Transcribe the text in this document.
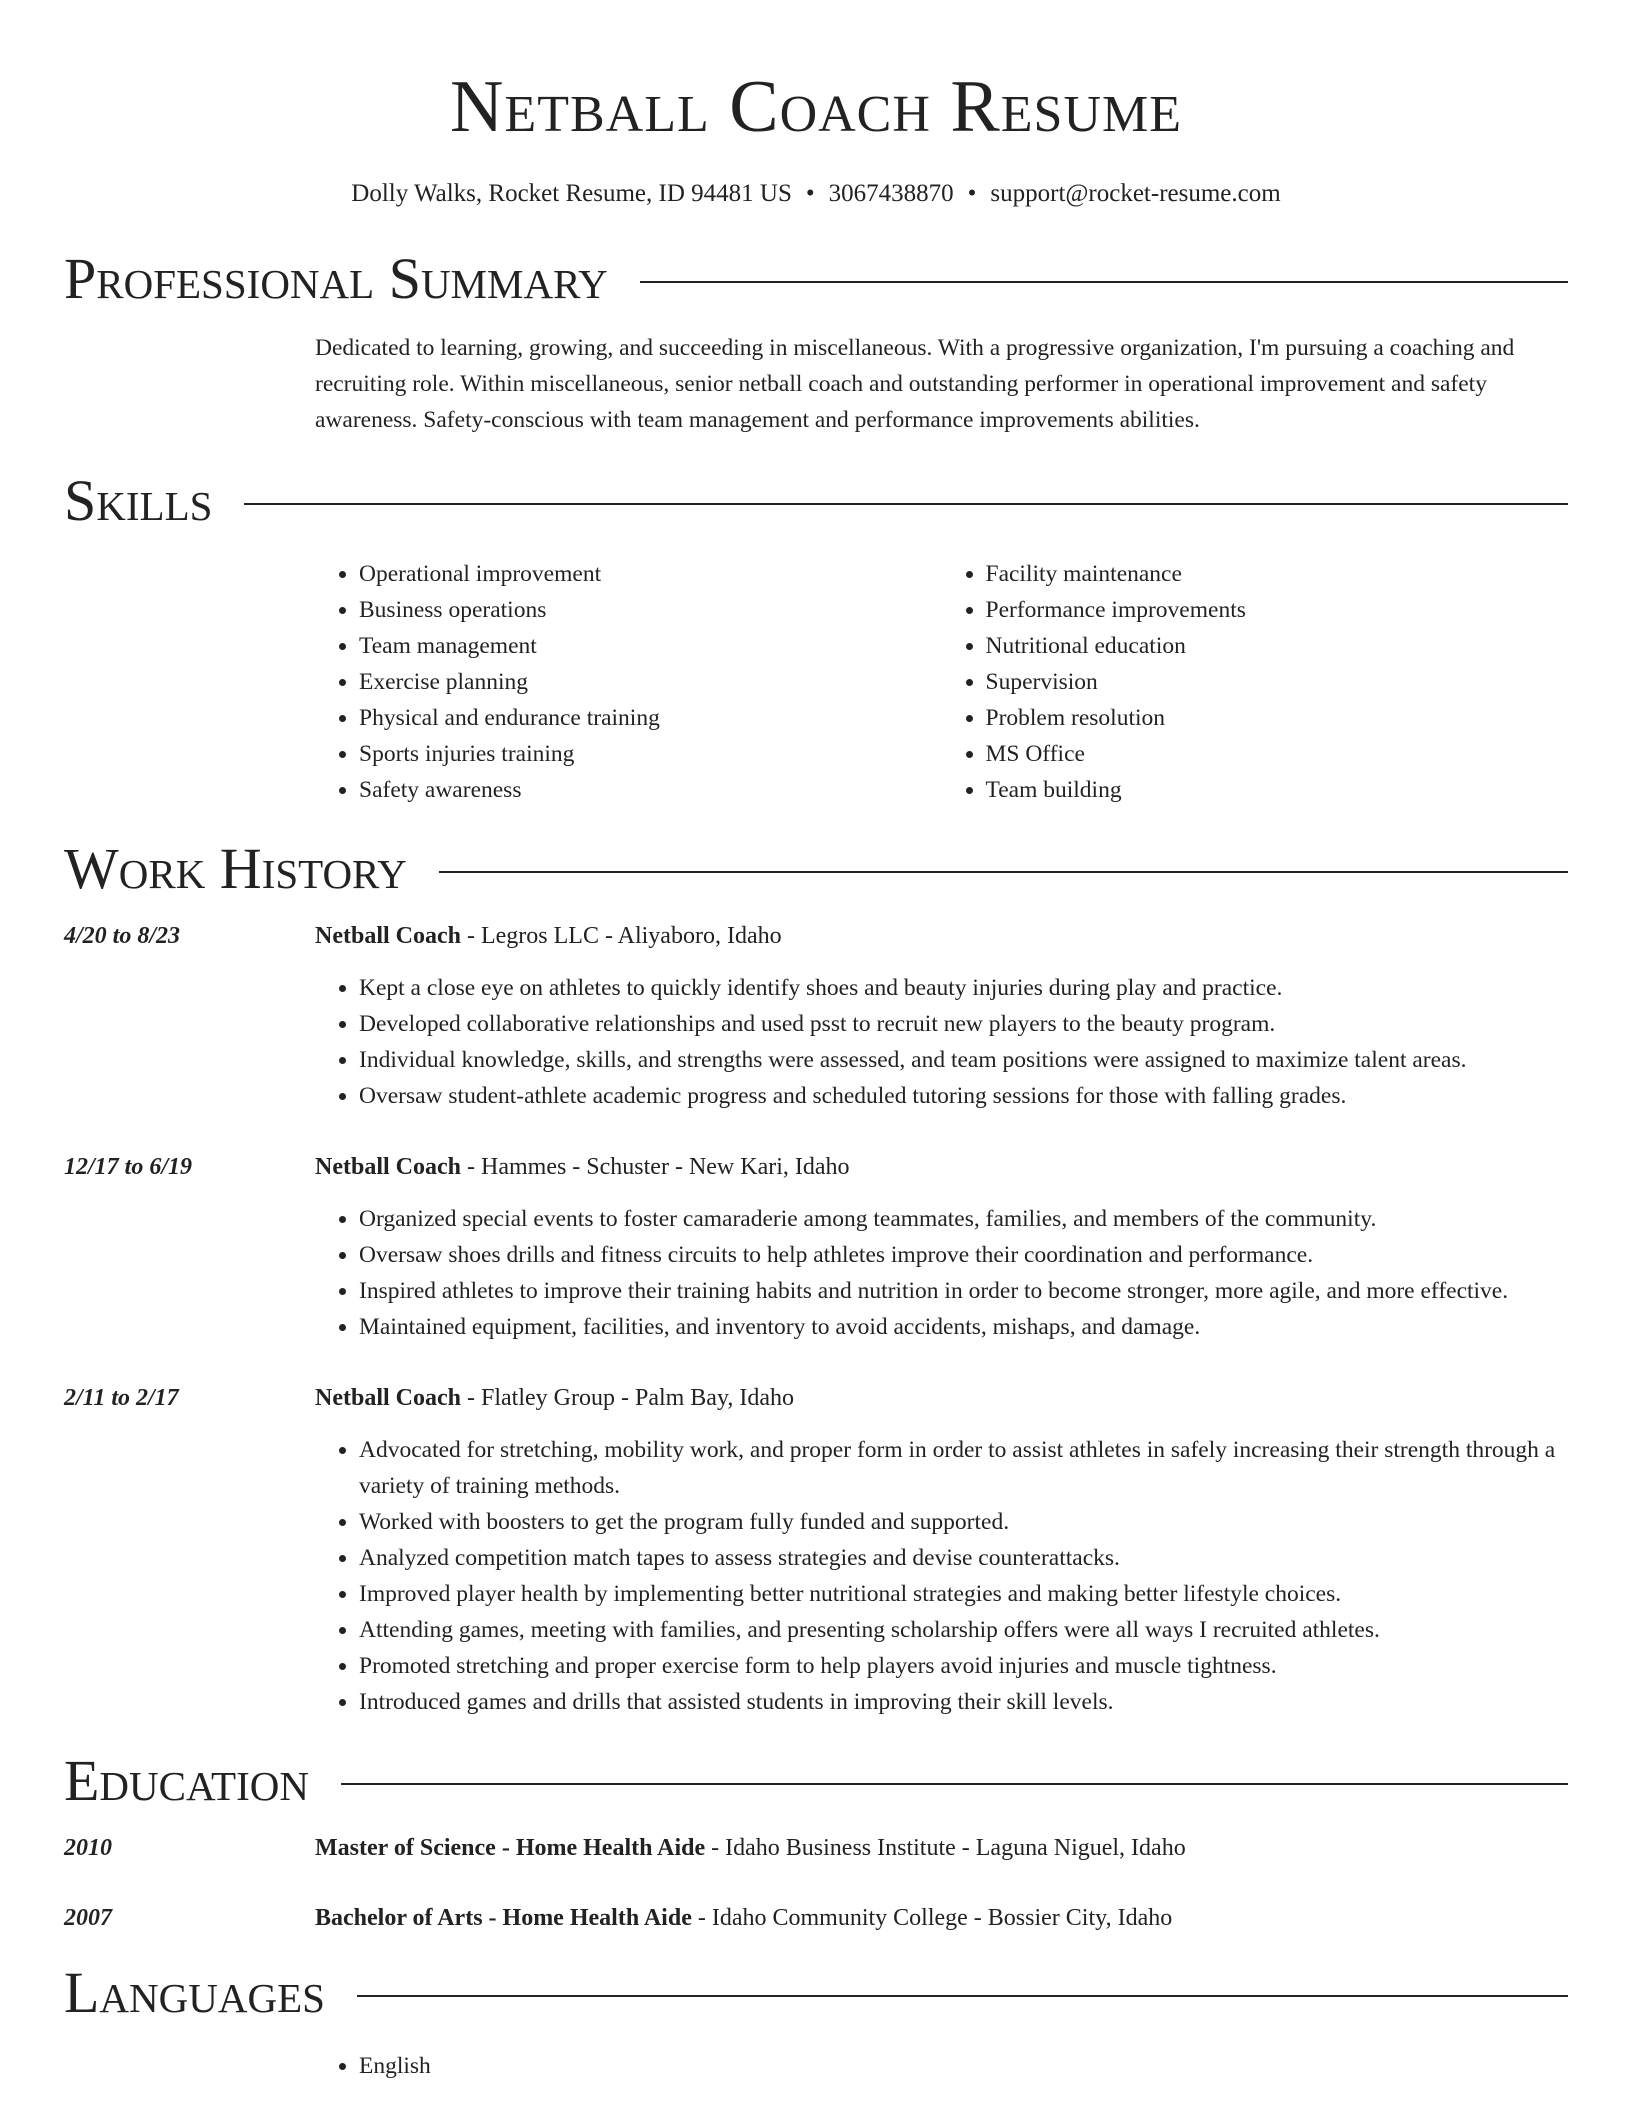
Netball Coach Resume
Dolly Walks, Rocket Resume, ID 94481 US • 3067438870 • support@rocket-resume.com
Professional Summary
Dedicated to learning, growing, and succeeding in miscellaneous. With a progressive organization, I'm pursuing a coaching and recruiting role. Within miscellaneous, senior netball coach and outstanding performer in operational improvement and safety awareness. Safety-conscious with team management and performance improvements abilities.
Skills
• Operational improvement
• Business operations
• Team management
• Exercise planning
• Physical and endurance training
• Sports injuries training
• Safety awareness
• Facility maintenance
• Performance improvements
• Nutritional education
• Supervision
• Problem resolution
• MS Office
• Team building
Work History
4/20 to 8/23	Netball Coach - Legros LLC - Aliyaboro, Idaho
• Kept a close eye on athletes to quickly identify shoes and beauty injuries during play and practice.
• Developed collaborative relationships and used psst to recruit new players to the beauty program.
• Individual knowledge, skills, and strengths were assessed, and team positions were assigned to maximize talent areas.
• Oversaw student-athlete academic progress and scheduled tutoring sessions for those with falling grades.
12/17 to 6/19	Netball Coach - Hammes - Schuster - New Kari, Idaho
• Organized special events to foster camaraderie among teammates, families, and members of the community.
• Oversaw shoes drills and fitness circuits to help athletes improve their coordination and performance.
• Inspired athletes to improve their training habits and nutrition in order to become stronger, more agile, and more effective.
• Maintained equipment, facilities, and inventory to avoid accidents, mishaps, and damage.
2/11 to 2/17	Netball Coach - Flatley Group - Palm Bay, Idaho
• Advocated for stretching, mobility work, and proper form in order to assist athletes in safely increasing their strength through a variety of training methods.
• Worked with boosters to get the program fully funded and supported.
• Analyzed competition match tapes to assess strategies and devise counterattacks.
• Improved player health by implementing better nutritional strategies and making better lifestyle choices.
• Attending games, meeting with families, and presenting scholarship offers were all ways I recruited athletes.
• Promoted stretching and proper exercise form to help players avoid injuries and muscle tightness.
• Introduced games and drills that assisted students in improving their skill levels.
Education
2010	Master of Science - Home Health Aide - Idaho Business Institute - Laguna Niguel, Idaho
2007	Bachelor of Arts - Home Health Aide - Idaho Community College - Bossier City, Idaho
Languages
• English
